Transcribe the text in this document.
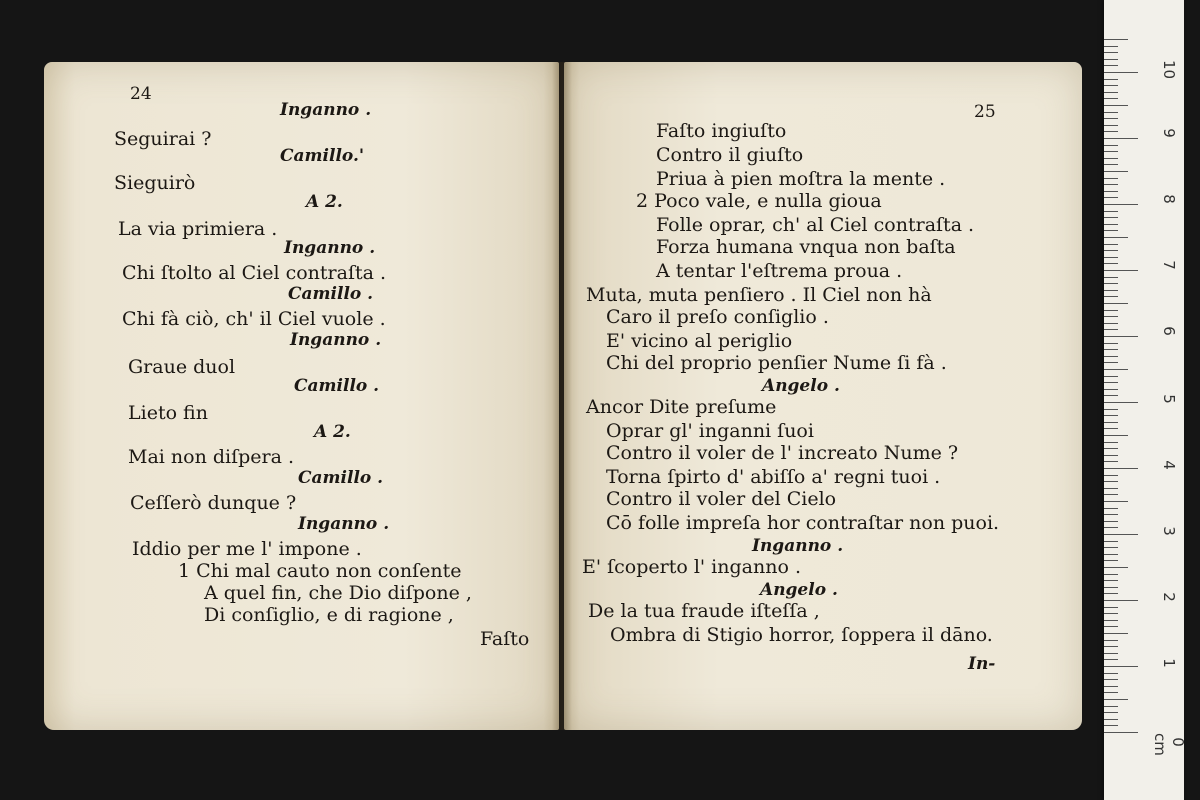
24
Inganno .
Seguirai ?
Camillo.'
Sieguirò
A 2.
La via primiera .
Inganno .
Chi ſtolto al Ciel contraſta .
Camillo .
Chi fà ciò, ch' il Ciel vuole .
Inganno .
Graue duol
Camillo .
Lieto fin
A 2.
Mai non diſpera .
Camillo .
Ceſſerò dunque ?
Inganno .
Iddio per me l' impone .
1 Chi mal cauto non conſente
A quel fin, che Dio diſpone ,
Di conſiglio, e di ragione ,
Faſto
25
Faſto ingiuſto
Contro il giuſto
Priua à pien moſtra la mente .
2 Poco vale, e nulla gioua
Folle oprar, ch' al Ciel contraſta .
Forza humana vnqua non baſta
A tentar l'eſtrema proua .
Muta, muta penſiero . Il Ciel non hà
Caro il preſo conſiglio .
E' vicino al periglio
Chi del proprio penſier Nume ſi fà .
Angelo .
Ancor Dite preſume
Oprar gl' inganni ſuoi
Contro il voler de l' increato Nume ?
Torna ſpirto d' abiſſo a' regni tuoi .
Contro il voler del Cielo
Cō folle impreſa hor contraſtar non puoi.
Inganno .
E' ſcoperto l' inganno .
Angelo .
De la tua fraude iſteſſa ,
Ombra di Stigio horror, ſoppera il dāno.
In-
0 cm
1
2
3
4
5
6
7
8
9
10
